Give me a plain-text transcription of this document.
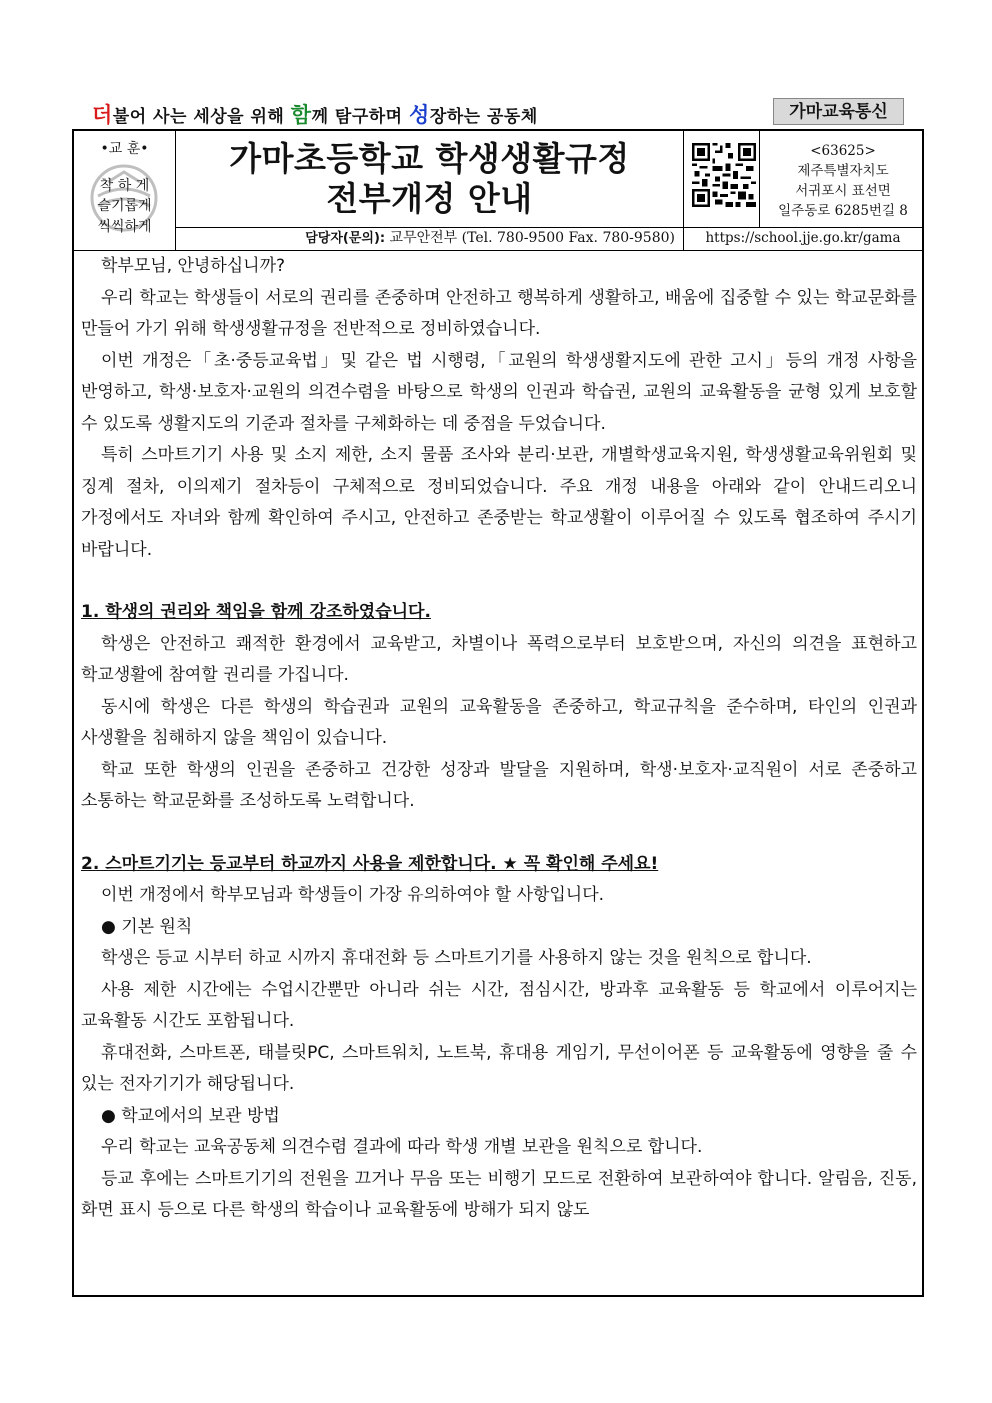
더불어 사는 세상을 위해 함께 탐구하며 성장하는 공동체	가마교육통신
•교 훈•
착 하 게
슬기롭게
씩씩하게
가마초등학교 학생생활규정
전부개정 안내
<63625>
제주특별자치도
서귀포시 표선면
일주동로 6285번길 8
담당자(문의): 교무안전부 (Tel. 780-9500 Fax. 780-9580)	https://school.jje.go.kr/gama

학부모님, 안녕하십니까?

우리 학교는 학생들이 서로의 권리를 존중하며 안전하고 행복하게 생활하고, 배움에 집중할 수 있는 학교문화를 만들어 가기 위해 학생생활규정을 전반적으로 정비하였습니다.

이번 개정은「초·중등교육법」및 같은 법 시행령,「교원의 학생생활지도에 관한 고시」등의 개정 사항을 반영하고, 학생·보호자·교원의 의견수렴을 바탕으로 학생의 인권과 학습권, 교원의 교육활동을 균형 있게 보호할 수 있도록 생활지도의 기준과 절차를 구체화하는 데 중점을 두었습니다.

특히 스마트기기 사용 및 소지 제한, 소지 물품 조사와 분리·보관, 개별학생교육지원, 학생생활교육위원회 및 징계 절차, 이의제기 절차등이 구체적으로 정비되었습니다. 주요 개정 내용을 아래와 같이 안내드리오니 가정에서도 자녀와 함께 확인하여 주시고, 안전하고 존중받는 학교생활이 이루어질 수 있도록 협조하여 주시기 바랍니다.

1. 학생의 권리와 책임을 함께 강조하였습니다.

학생은 안전하고 쾌적한 환경에서 교육받고, 차별이나 폭력으로부터 보호받으며, 자신의 의견을 표현하고 학교생활에 참여할 권리를 가집니다.

동시에 학생은 다른 학생의 학습권과 교원의 교육활동을 존중하고, 학교규칙을 준수하며, 타인의 인권과 사생활을 침해하지 않을 책임이 있습니다.

학교 또한 학생의 인권을 존중하고 건강한 성장과 발달을 지원하며, 학생·보호자·교직원이 서로 존중하고 소통하는 학교문화를 조성하도록 노력합니다.

2. 스마트기기는 등교부터 하교까지 사용을 제한합니다. ★ 꼭 확인해 주세요!

이번 개정에서 학부모님과 학생들이 가장 유의하여야 할 사항입니다.

● 기본 원칙

학생은 등교 시부터 하교 시까지 휴대전화 등 스마트기기를 사용하지 않는 것을 원칙으로 합니다.

사용 제한 시간에는 수업시간뿐만 아니라 쉬는 시간, 점심시간, 방과후 교육활동 등 학교에서 이루어지는 교육활동 시간도 포함됩니다.

휴대전화, 스마트폰, 태블릿PC, 스마트워치, 노트북, 휴대용 게임기, 무선이어폰 등 교육활동에 영향을 줄 수 있는 전자기기가 해당됩니다.

● 학교에서의 보관 방법

우리 학교는 교육공동체 의견수렴 결과에 따라 학생 개별 보관을 원칙으로 합니다.

등교 후에는 스마트기기의 전원을 끄거나 무음 또는 비행기 모드로 전환하여 보관하여야 합니다. 알림음, 진동, 화면 표시 등으로 다른 학생의 학습이나 교육활동에 방해가 되지 않도
